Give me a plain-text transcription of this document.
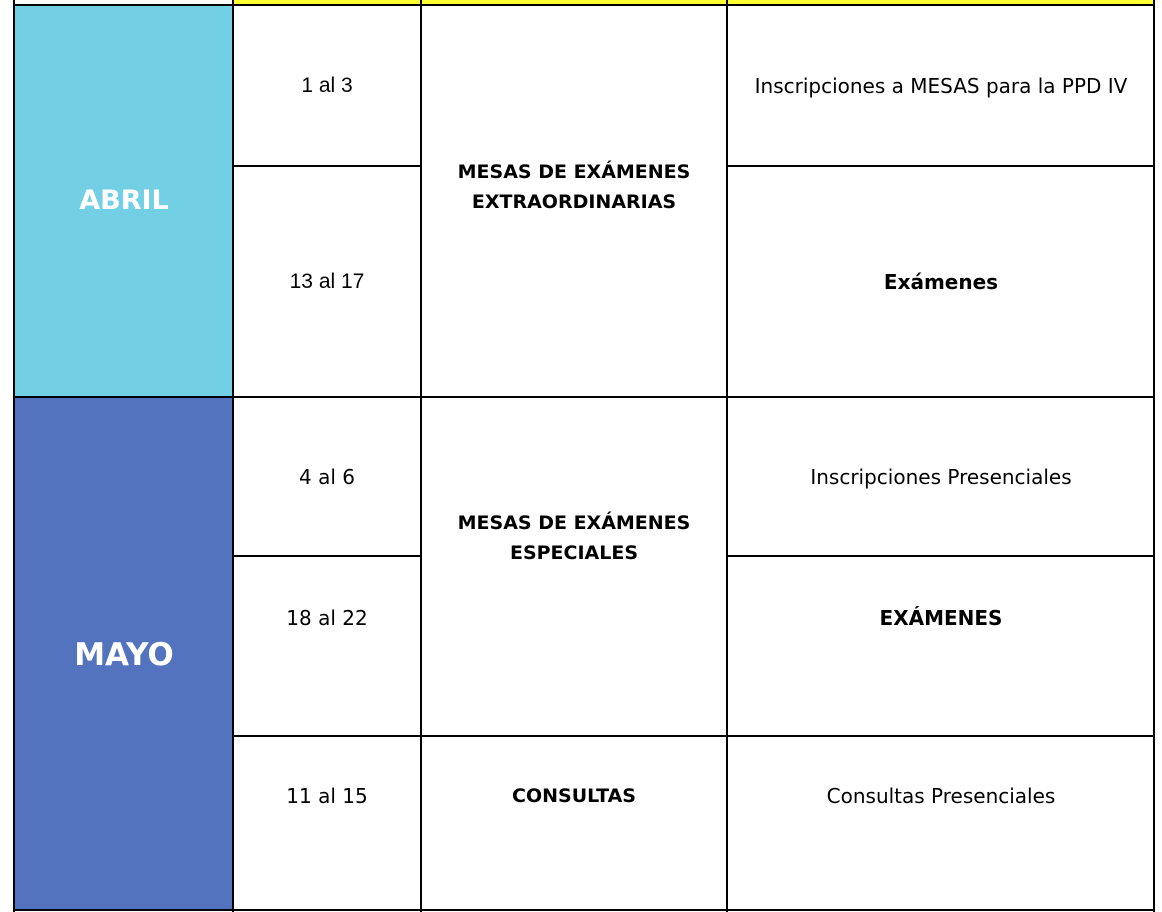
ABRIL
MAYO
1 al 3
13 al 17
MESAS DE EXÁMENES
EXTRAORDINARIAS
Inscripciones a MESAS para la PPD IV
Exámenes
4 al 6
18 al 22
11 al 15
MESAS DE EXÁMENES
ESPECIALES
CONSULTAS
Inscripciones Presenciales
EXÁMENES
Consultas Presenciales
